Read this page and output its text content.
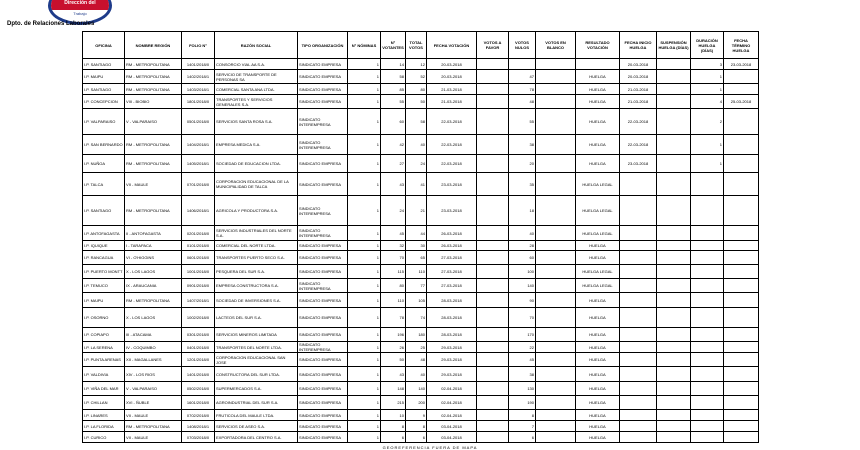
Dirección del
Trabajo
Dpto. de Relaciones Laborales
OFICINA	NOMBRE REGIÓN	FOLIO N°	RAZÓN SOCIAL	TIPO ORGANIZACIÓN	N° NÓMINAS	N° VOTANTES	TOTAL VOTOS	FECHA VOTACIÓN	VOTOS A FAVOR	VOTOS NULOS	VOTOS EN BLANCO	RESULTADO VOTACIÓN	FECHA INICIO HUELGA	SUSPENSIÓN HUELGA (DÍAS)	DURACIÓN HUELGA (DÍAS)	FECHA TÉRMINO HUELGA
I.P. SANTIAGO	RM - METROPOLITANA	1401/2018/0	CONSORCIO VIAL AA S.A.	SINDICATO EMPRESA	1	14	12	20-03-2018					20-03-2018		3	23-03-2018
I.P. MAIPU	RM - METROPOLITANA	1402/2018/1	SERVICIO DE TRANSPORTE DE PERSONAS SA	SINDICATO EMPRESA	1	58	52	20-03-2018		47		HUELGA	20-03-2018		1	
I.P. SANTIAGO	RM - METROPOLITANA	1403/2018/1	COMERCIAL SANTA ANA LTDA.	SINDICATO EMPRESA	1	85	80	21-03-2018		78		HUELGA	21-03-2018		1	
I.P. CONCEPCION	VIII - BIOBIO	1801/2018/0	TRANSPORTES Y SERVICIOS GENERALES S.A.	SINDICATO EMPRESA	1	55	50	21-03-2018		48		HUELGA	21-03-2018		4	25-03-2018
I.P. VALPARAISO	V - VALPARAISO	0501/2018/0	SERVICIOS SANTA ROSA S.A.	SINDICATO INTEREMPRESA	1	60	58	22-03-2018		55		HUELGA	22-03-2018		2	
I.P. SAN BERNARDO	RM - METROPOLITANA	1404/2018/1	EMPRESA MEDICA S.A.	SINDICATO INTEREMPRESA	1	42	40	22-03-2018		38		HUELGA	22-03-2018		1	
I.P. NUÑOA	RM - METROPOLITANA	1405/2018/1	SOCIEDAD DE EDUCACION LTDA.	SINDICATO EMPRESA	1	27	24	22-03-2018		20		HUELGA	23-03-2018		1	
I.P. TALCA	VII - MAULE	0701/2018/0	CORPORACION EDUCACIONAL DE LA MUNICIPALIDAD DE TALCA	SINDICATO EMPRESA	1	43	41	23-03-2018		35		HUELGA LEGAL				
I.P. SANTIAGO	RM - METROPOLITANA	1406/2018/1	AGRICOLA Y PRODUCTORA S.A.	SINDICATO INTEREMPRESA	1	24	21	23-03-2018		18		HUELGA LEGAL				
I.P. ANTOFAGASTA	II - ANTOFAGASTA	0201/2018/0	SERVICIOS INDUSTRIALES DEL NORTE S.A.	SINDICATO INTEREMPRESA	1	45	44	26-03-2018		40		HUELGA LEGAL				
I.P. IQUIQUE	I - TARAPACA	0101/2018/0	COMERCIAL DEL NORTE LTDA.	SINDICATO EMPRESA	1	32	30	26-03-2018		28		HUELGA				
I.P. RANCAGUA	VI - O'HIGGINS	0601/2018/0	TRANSPORTES PUERTO SECO S.A.	SINDICATO EMPRESA	1	70	65	27-03-2018		60		HUELGA				
I.P. PUERTO MONTT	X - LOS LAGOS	1001/2018/0	PESQUERA DEL SUR S.A.	SINDICATO EMPRESA	1	115	110	27-03-2018		100		HUELGA LEGAL				
I.P. TEMUCO	IX - ARAUCANIA	0901/2018/0	EMPRESA CONSTRUCTORA S.A.	SINDICATO INTEREMPRESA	1	80	77	27-03-2018		140		HUELGA LEGAL				
I.P. MAIPU	RM - METROPOLITANA	1407/2018/1	SOCIEDAD DE INVERSIONES S.A.	SINDICATO EMPRESA	1	110	105	28-03-2018		90		HUELGA				
I.P. OSORNO	X - LOS LAGOS	1002/2018/0	LACTEOS DEL SUR S.A.	SINDICATO EMPRESA	1	78	74	28-03-2018		70		HUELGA				
I.P. COPIAPO	III - ATACAMA	0301/2018/0	SERVICIOS MINEROS LIMITADA	SINDICATO EMPRESA	1	196	180	28-03-2018		170		HUELGA				
I.P. LA SERENA	IV - COQUIMBO	0401/2018/0	TRANSPORTES DEL NORTE LTDA.	SINDICATO INTEREMPRESA	1	26	25	29-03-2018		22		HUELGA				
I.P. PUNTA ARENAS	XII - MAGALLANES	1201/2018/0	CORPORACION EDUCACIONAL SAN JOSE	SINDICATO EMPRESA	1	50	48	29-03-2018		45		HUELGA				
I.P. VALDIVIA	XIV - LOS RIOS	1401/2018/0	CONSTRUCTORA DEL SUR LTDA.	SINDICATO EMPRESA	1	43	40	29-03-2018		38		HUELGA				
I.P. VIÑA DEL MAR	V - VALPARAISO	0502/2018/0	SUPERMERCADOS S.A.	SINDICATO EMPRESA	1	148	140	02-04-2018		130		HUELGA				
I.P. CHILLAN	XVI - ÑUBLE	1601/2018/0	AGROINDUSTRIAL DEL SUR S.A.	SINDICATO EMPRESA	1	215	200	02-04-2018		190		HUELGA				
I.P. LINARES	VII - MAULE	0702/2018/0	FRUTICOLA DEL MAULE LTDA.	SINDICATO EMPRESA	1	10	9	02-04-2018		8		HUELGA				
I.P. LA FLORIDA	RM - METROPOLITANA	1408/2018/1	SERVICIOS DE ASEO S.A.	SINDICATO EMPRESA	1	8	8	03-04-2018		7		HUELGA				
I.P. CURICO	VII - MAULE	0703/2018/0	EXPORTADORA DEL CENTRO S.A.	SINDICATO EMPRESA	1	6	6	03-04-2018		6		HUELGA				
GEOREFERENCIA FUERA DE MAPA
